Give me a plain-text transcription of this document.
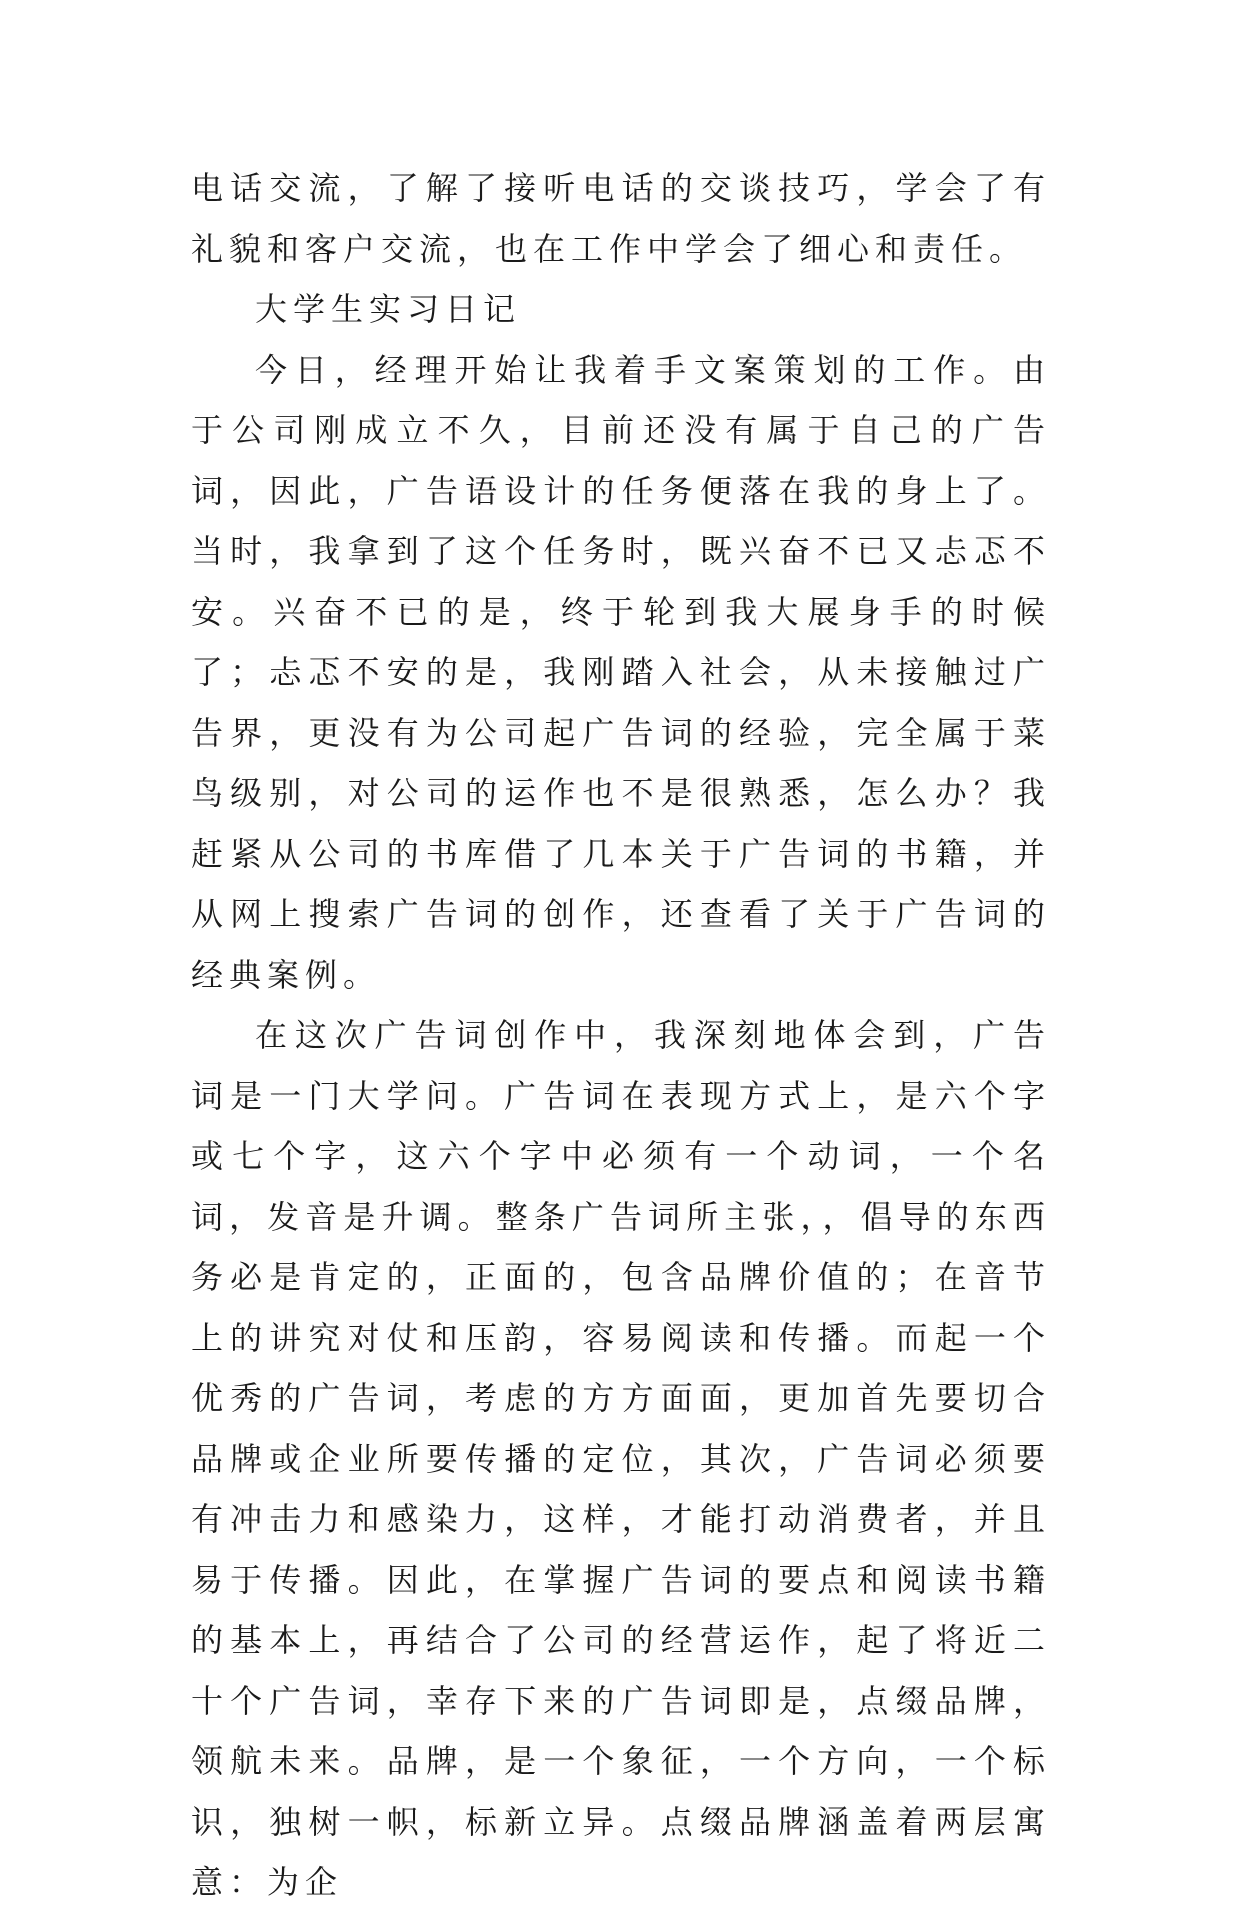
电话交流，了解了接听电话的交谈技巧，学会了有礼貌和客户交流，也在工作中学会了细心和责任。

大学生实习日记

今日，经理开始让我着手文案策划的工作。由于公司刚成立不久，目前还没有属于自己的广告词，因此，广告语设计的任务便落在我的身上了。当时，我拿到了这个任务时，既兴奋不已又忐忑不安。兴奋不已的是，终于轮到我大展身手的时候了；忐忑不安的是，我刚踏入社会，从未接触过广告界，更没有为公司起广告词的经验，完全属于菜鸟级别，对公司的运作也不是很熟悉，怎么办？我赶紧从公司的书库借了几本关于广告词的书籍，并从网上搜索广告词的创作，还查看了关于广告词的经典案例。

在这次广告词创作中，我深刻地体会到，广告词是一门大学问。广告词在表现方式上，是六个字或七个字，这六个字中必须有一个动词，一个名词，发音是升调。整条广告词所主张，，倡导的东西务必是肯定的，正面的，包含品牌价值的；在音节上的讲究对仗和压韵，容易阅读和传播。而起一个优秀的广告词，考虑的方方面面，更加首先要切合品牌或企业所要传播的定位，其次，广告词必须要有冲击力和感染力，这样，才能打动消费者，并且易于传播。因此，在掌握广告词的要点和阅读书籍的基本上，再结合了公司的经营运作，起了将近二十个广告词，幸存下来的广告词即是，点缀品牌，领航未来。品牌，是一个象征，一个方向，一个标识，独树一帜，标新立异。点缀品牌涵盖着两层寓意：为企
